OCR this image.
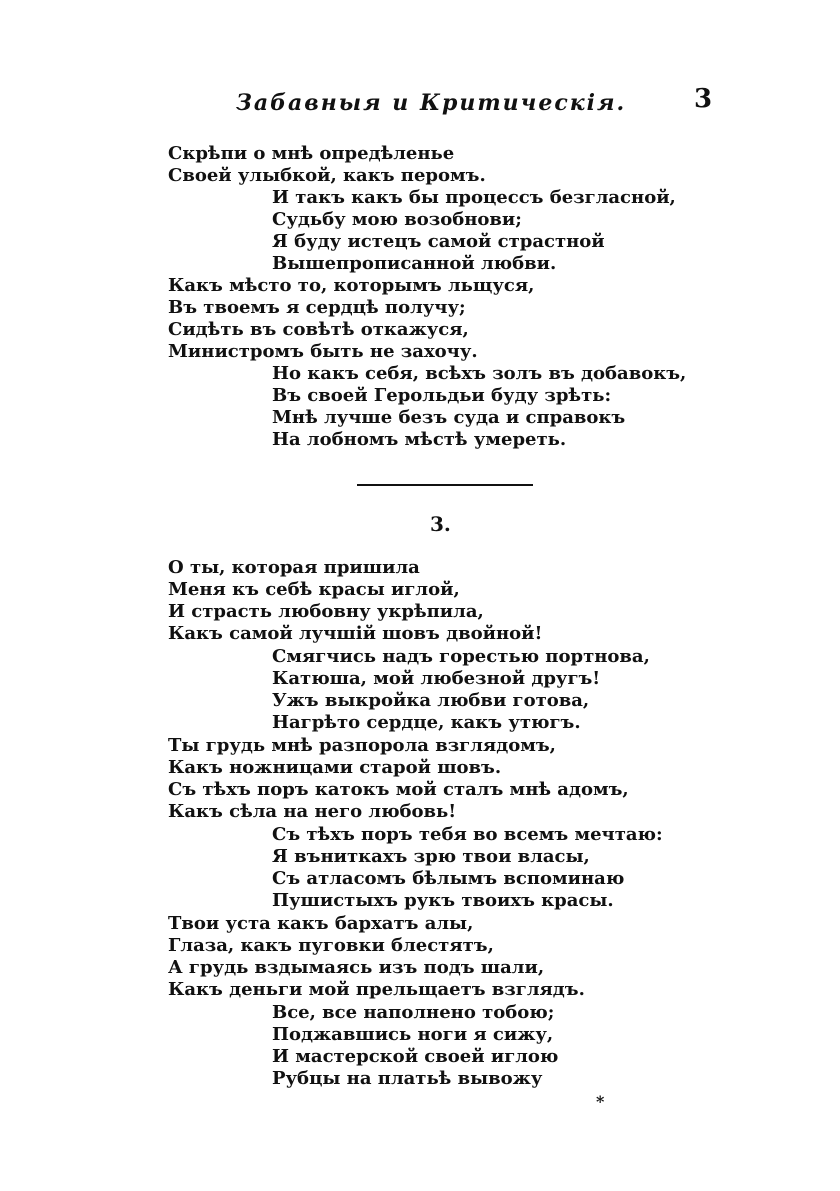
Забавныя и Критическія.	3
Скрѣпи о мнѣ опредѣленье
Своей улыбкой, какъ перомъ.
И такъ какъ бы процессъ безгласной,
Судьбу мою возобнови;
Я буду истецъ самой страстной
Вышепрописанной любви.
Какъ мѣсто то, которымъ льщуся,
Въ твоемъ я сердцѣ получу;
Сидѣть въ совѣтѣ откажуся,
Министромъ быть не захочу.
Но какъ себя, всѣхъ золъ въ добавокъ,
Въ своей Герольдьи буду зрѣть:
Мнѣ лучше безъ суда и справокъ
На лобномъ мѣстѣ умереть.
3.
О ты, которая пришила
Меня къ себѣ красы иглой,
И страсть любовну укрѣпила,
Какъ самой лучшій шовъ двойной!
Смягчись надъ горестью портнова,
Катюша, мой любезной другъ!
Ужъ выкройка любви готова,
Нагрѣто сердце, какъ утюгъ.
Ты грудь мнѣ разпорола взглядомъ,
Какъ ножницами старой шовъ.
Съ тѣхъ поръ катокъ мой сталъ мнѣ адомъ,
Какъ сѣла на него любовь!
Съ тѣхъ поръ тебя во всемъ мечтаю:
Я въниткахъ зрю твои власы,
Съ атласомъ бѣлымъ вспоминаю
Пушистыхъ рукъ твоихъ красы.
Твои уста какъ бархатъ алы,
Глаза, какъ пуговки блестятъ,
А грудь вздымаясь изъ подъ шали,
Какъ деньги мой прельщаетъ взглядъ.
Все, все наполнено тобою;
Поджавшись ноги я сижу,
И мастерской своей иглою
Рубцы на платьѣ вывожу
*
